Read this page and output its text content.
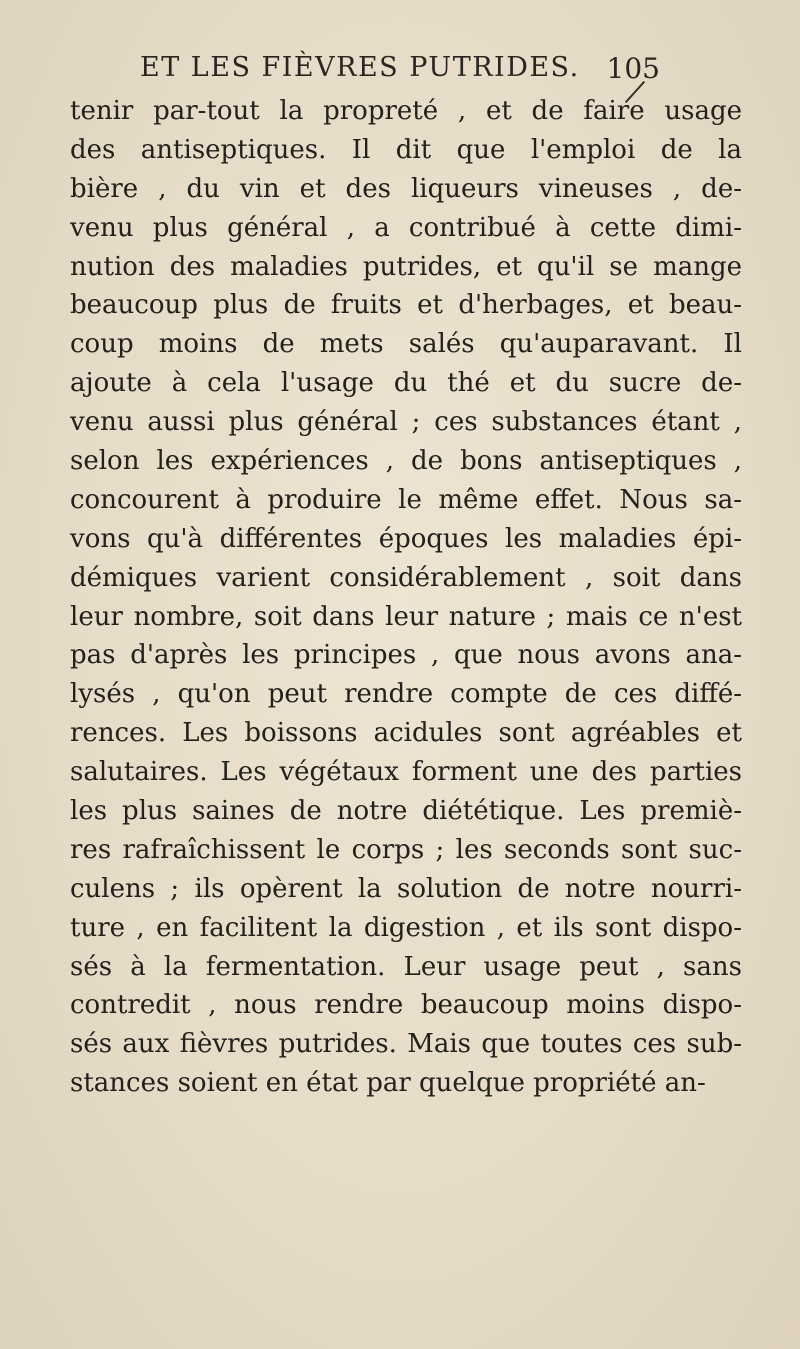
ET LES FIÈVRES PUTRIDES. 105
tenir par-tout la propreté , et de faire usage
des antiseptiques. Il dit que l'emploi de la
bière , du vin et des liqueurs vineuses , de-
venu plus général , a contribué à cette dimi-
nution des maladies putrides, et qu'il se mange
beaucoup plus de fruits et d'herbages, et beau-
coup moins de mets salés qu'auparavant. Il
ajoute à cela l'usage du thé et du sucre de-
venu aussi plus général ; ces substances étant ,
selon les expériences , de bons antiseptiques ,
concourent à produire le même effet. Nous sa-
vons qu'à différentes époques les maladies épi-
démiques varient considérablement , soit dans
leur nombre, soit dans leur nature ; mais ce n'est
pas d'après les principes , que nous avons ana-
lysés , qu'on peut rendre compte de ces diffé-
rences. Les boissons acidules sont agréables et
salutaires. Les végétaux forment une des parties
les plus saines de notre diététique. Les premiè-
res rafraîchissent le corps ; les seconds sont suc-
culens ; ils opèrent la solution de notre nourri-
ture , en facilitent la digestion , et ils sont dispo-
sés à la fermentation. Leur usage peut , sans
contredit , nous rendre beaucoup moins dispo-
sés aux fièvres putrides. Mais que toutes ces sub-
stances soient en état par quelque propriété an-
